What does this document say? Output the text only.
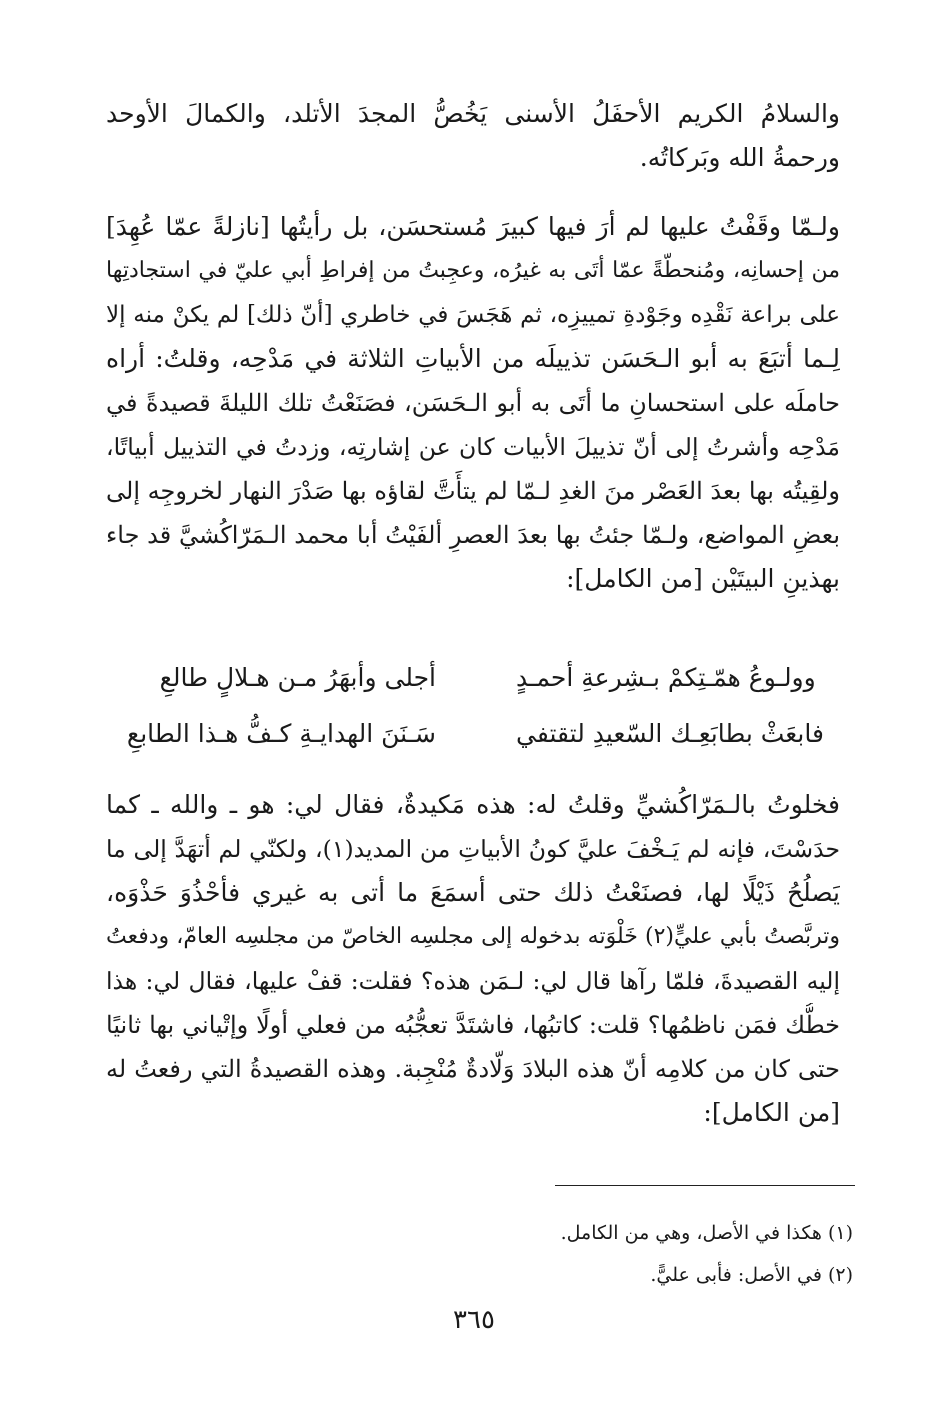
والسلامُ الكريم الأحفَلُ الأسنى يَخُصُّ المجدَ الأتلد، والكمالَ الأوحد
ورحمةُ الله وبَركاتُه.
ولـمّا وقَفْتُ عليها لم أرَ فيها كبيرَ مُستحسَن، بل رأيتُها [نازلةً عمّا عُهِدَ]
من إحسانِه، ومُنحطّةً عمّا أتَى به غيرُه، وعجِبتُ من إفراطِ أبي عليّ في استجادتِها
على براعة نَقْدِه وجَوْدةِ تمييزِه، ثم هَجَسَ في خاطري [أنّ ذلك] لم يكنْ منه إلا
لِـما أتبَعَ به أبو الـحَسَن تذييلَه من الأبياتِ الثلاثة في مَدْحِه، وقلتُ: أراه
حاملَه على استحسانِ ما أتَى به أبو الـحَسَن، فصَنَعْتُ تلك الليلةَ قصيدةً في
مَدْحِه وأشرتُ إلى أنّ تذييلَ الأبيات كان عن إشارتِه، وزدتُ في التذييل أبياتًا،
ولقِيتُه بها بعدَ العَصْر منَ الغدِ لـمّا لم يتأَتَّ لقاؤه بها صَدْرَ النهار لخروجِه إلى
بعضِ المواضع، ولـمّا جئتُ بها بعدَ العصرِ ألفَيْتُ أبا محمد الـمَرّاكُشيَّ قد جاء
بهذينِ البيتَيْن [من الكامل]:
وولـوعُ همّـتِكمْ بـشِرعةِ أحمـدٍ
أجلى وأبهَرُ مـن هـلالٍ طالعِ
فابعَثْ بطابَعِـك السّعيدِ لتقتفي
سَـنَنَ الهدايـةِ كـفُّ هـذا الطابعِ
فخلوتُ بالـمَرّاكُشيِّ وقلتُ له: هذه مَكيدةٌ، فقال لي: هو ـ والله ـ كما
حدَسْتَ، فإنه لم يَـخْفَ عليَّ كونُ الأبياتِ من المديد(١)، ولكنّي لم أتهَدَّ إلى ما
يَصلُحُ ذَيْلًا لها، فصنَعْتُ ذلك حتى أسمَعَ ما أتى به غيري فأحْذُوَ حَذْوَه،
وتربَّصتُ بأبي عليٍّ(٢) خَلْوَته بدخوله إلى مجلسِه الخاصّ من مجلسِه العامّ، ودفعتُ
إليه القصيدةَ، فلمّا رآها قال لي: لـمَن هذه؟ فقلت: قفْ عليها، فقال لي: هذا
خطُّك فمَن ناظمُها؟ قلت: كاتبُها، فاشتَدَّ تعجُّبُه من فعلي أولًا وإتْياني بها ثانيًا
حتى كان من كلامِه أنّ هذه البلادَ وَلّادةٌ مُنْجِبة. وهذه القصيدةُ التي رفعتُ له
[من الكامل]:
(١) هكذا في الأصل، وهي من الكامل.
(٢) في الأصل: فأبى عليًّ.
٣٦٥
